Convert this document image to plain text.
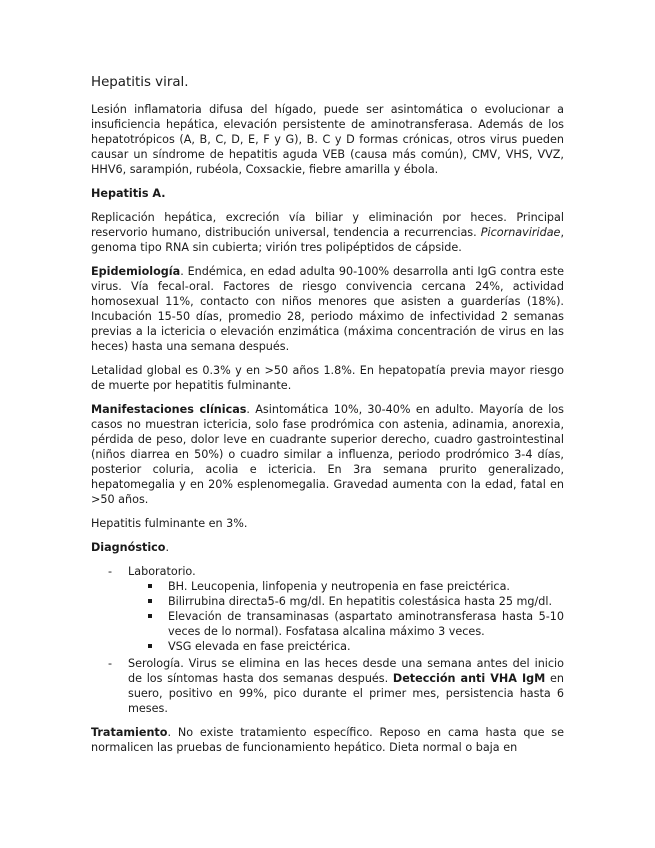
Hepatitis viral.

Lesión inflamatoria difusa del hígado, puede ser asintomática o evolucionar a insuficiencia hepática, elevación persistente de aminotransferasa. Además de los hepatotrópicos (A, B, C, D, E, F y G), B. C y D formas crónicas, otros virus pueden causar un síndrome de hepatitis aguda VEB (causa más común), CMV, VHS, VVZ, HHV6, sarampión, rubéola, Coxsackie, fiebre amarilla y ébola.

Hepatitis A.

Replicación hepática, excreción vía biliar y eliminación por heces. Principal reservorio humano, distribución universal, tendencia a recurrencias. Picornaviridae, genoma tipo RNA sin cubierta; virión tres polipéptidos de cápside.

Epidemiología. Endémica, en edad adulta 90-100% desarrolla anti IgG contra este virus. Vía fecal-oral. Factores de riesgo convivencia cercana 24%, actividad homosexual 11%, contacto con niños menores que asisten a guarderías (18%). Incubación 15-50 días, promedio 28, periodo máximo de infectividad 2 semanas previas a la ictericia o elevación enzimática (máxima concentración de virus en las heces) hasta una semana después.

Letalidad global es 0.3% y en >50 años 1.8%. En hepatopatía previa mayor riesgo de muerte por hepatitis fulminante.

Manifestaciones clínicas. Asintomática 10%, 30-40% en adulto. Mayoría de los casos no muestran ictericia, solo fase prodrómica con astenia, adinamia, anorexia, pérdida de peso, dolor leve en cuadrante superior derecho, cuadro gastrointestinal (niños diarrea en 50%) o cuadro similar a influenza, periodo prodrómico 3-4 días, posterior coluria, acolia e ictericia. En 3ra semana prurito generalizado, hepatomegalia y en 20% esplenomegalia. Gravedad aumenta con la edad, fatal en >50 años.

Hepatitis fulminante en 3%.

Diagnóstico.
- Laboratorio.
BH. Leucopenia, linfopenia y neutropenia en fase preictérica.
Bilirrubina directa5-6 mg/dl. En hepatitis colestásica hasta 25 mg/dl.
Elevación de transaminasas (aspartato aminotransferasa hasta 5-10 veces de lo normal). Fosfatasa alcalina máximo 3 veces.
VSG elevada en fase preictérica.
- Serología. Virus se elimina en las heces desde una semana antes del inicio de los síntomas hasta dos semanas después. Detección anti VHA IgM en suero, positivo en 99%, pico durante el primer mes, persistencia hasta 6 meses.

Tratamiento. No existe tratamiento específico. Reposo en cama hasta que se normalicen las pruebas de funcionamiento hepático. Dieta normal o baja en
